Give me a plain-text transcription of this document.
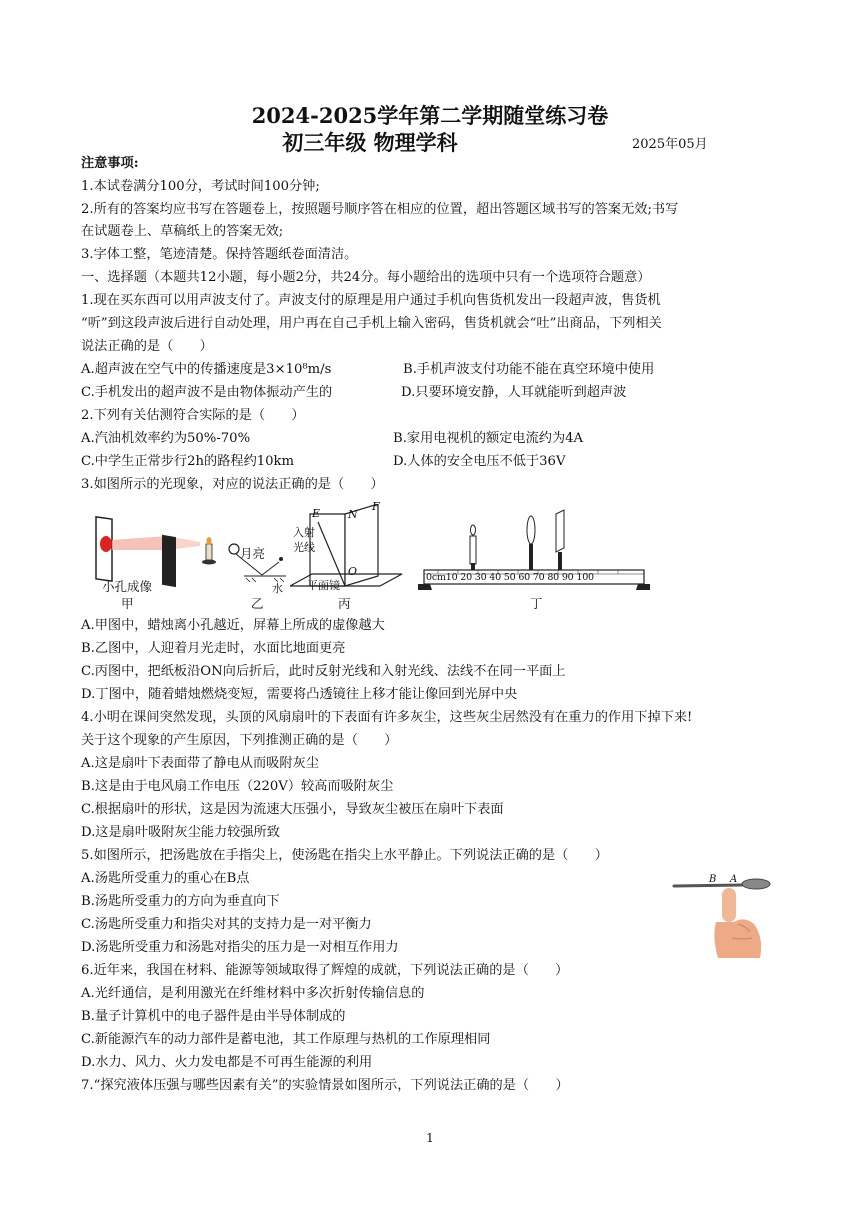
2024-2025学年第二学期随堂练习卷
初三年级 物理学科	2025年05月
注意事项:
1.本试卷满分100分，考试时间100分钟;
2.所有的答案均应书写在答题卷上，按照题号顺序答在相应的位置，超出答题区域书写的答案无效;书写
在试题卷上、草稿纸上的答案无效;
3.字体工整，笔迹清楚。保持答题纸卷面清洁。
一、选择题（本题共12小题，每小题2分，共24分。每小题给出的选项中只有一个选项符合题意）
1.现在买东西可以用声波支付了。声波支付的原理是用户通过手机向售货机发出一段超声波，售货机
“听”到这段声波后进行自动处理，用户再在自己手机上输入密码，售货机就会“吐”出商品，下列相关
说法正确的是（　　）
A.超声波在空气中的传播速度是3×10⁸m/s	B.手机声波支付功能不能在真空环境中使用
C.手机发出的超声波不是由物体振动产生的	D.只要环境安静，人耳就能听到超声波
2.下列有关估测符合实际的是（　　）
A.汽油机效率约为50%-70%	B.家用电视机的额定电流约为4A
C.中学生正常步行2h的路程约10km	D.人体的安全电压不低于36V
3.如图所示的光现象，对应的说法正确的是（　　）
小孔成像
甲
月亮
水
乙
E	N
F
入射
光线
O
平面镜
丙
0cm10 20 30 40 50 60 70 80 90 100
丁
A.甲图中，蜡烛离小孔越近，屏幕上所成的虚像越大
B.乙图中，人迎着月光走时，水面比地面更亮
C.丙图中，把纸板沿ON向后折后，此时反射光线和入射光线、法线不在同一平面上
D.丁图中，随着蜡烛燃烧变短，需要将凸透镜往上移才能让像回到光屏中央
4.小明在课间突然发现，头顶的风扇扇叶的下表面有许多灰尘，这些灰尘居然没有在重力的作用下掉下来!
关于这个现象的产生原因，下列推测正确的是（　　）
A.这是扇叶下表面带了静电从而吸附灰尘
B.这是由于电风扇工作电压（220V）较高而吸附灰尘
C.根据扇叶的形状，这是因为流速大压强小，导致灰尘被压在扇叶下表面
D.这是扇叶吸附灰尘能力较强所致
5.如图所示，把汤匙放在手指尖上，使汤匙在指尖上水平静止。下列说法正确的是（　　）
A.汤匙所受重力的重心在B点
B.汤匙所受重力的方向为垂直向下
C.汤匙所受重力和指尖对其的支持力是一对平衡力
D.汤匙所受重力和汤匙对指尖的压力是一对相互作用力
B A
6.近年来，我国在材料、能源等领域取得了辉煌的成就，下列说法正确的是（　　）
A.光纤通信，是利用激光在纤维材料中多次折射传输信息的
B.量子计算机中的电子器件是由半导体制成的
C.新能源汽车的动力部件是蓄电池，其工作原理与热机的工作原理相同
D.水力、风力、火力发电都是不可再生能源的利用
7.“探究液体压强与哪些因素有关”的实验情景如图所示，下列说法正确的是（　　）
1
